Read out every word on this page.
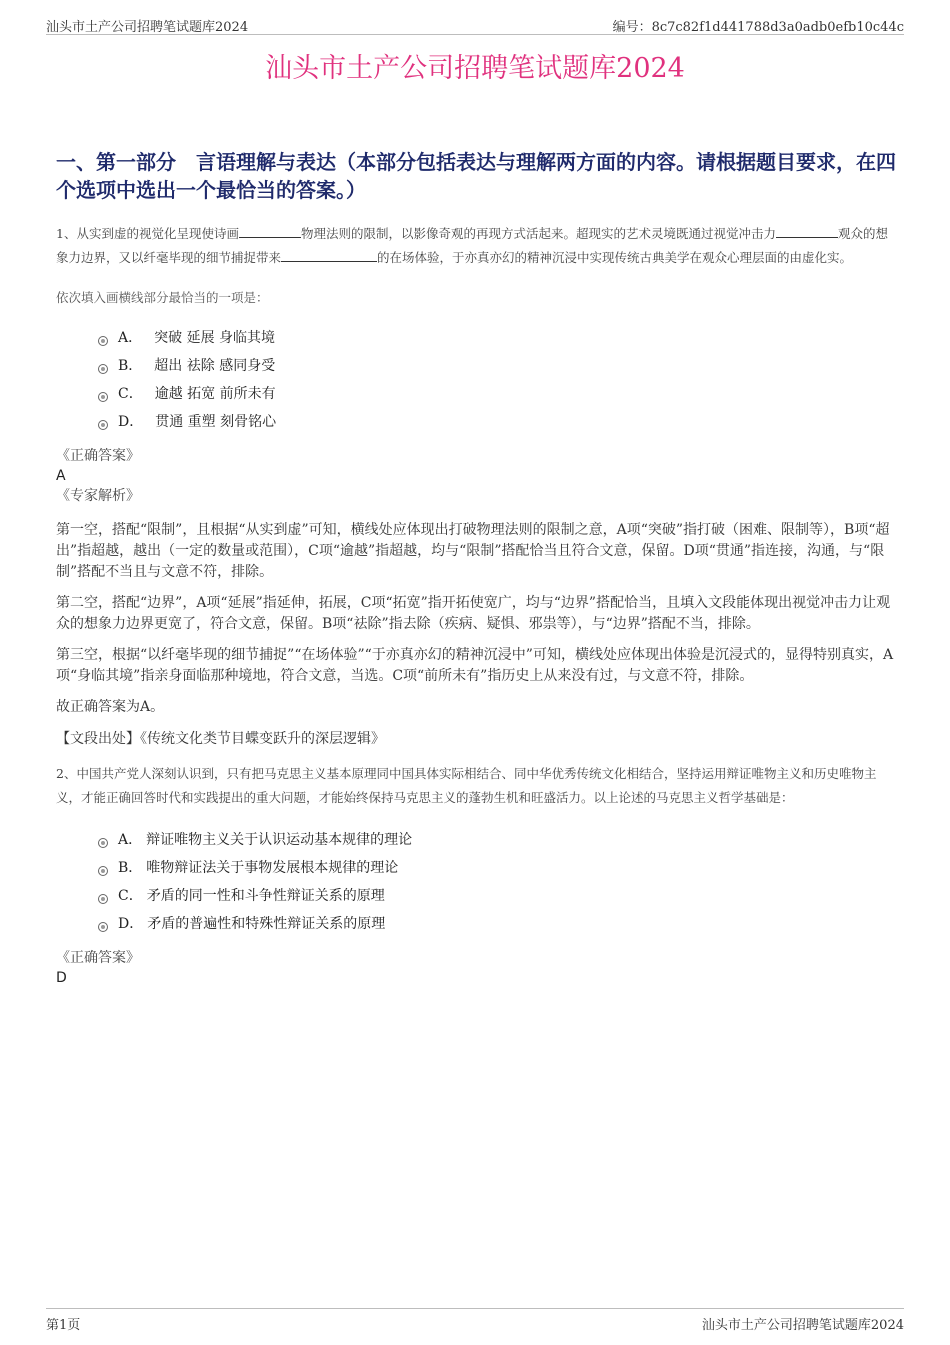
汕头市土产公司招聘笔试题库2024	编号：8c7c82f1d441788d3a0adb0efb10c44c
汕头市土产公司招聘笔试题库2024
一、第一部分　言语理解与表达（本部分包括表达与理解两方面的内容。请根据题目要求，在四个选项中选出一个最恰当的答案。）

1、从实到虚的视觉化呈现使诗画	物理法则的限制，以影像奇观的再现方式活起来。超现实的艺术灵境既通过视觉冲击力	观众的想象力边界，又以纤毫毕现的细节捕捉带来	的在场体验，于亦真亦幻的精神沉浸中实现传统古典美学在观众心理层面的由虚化实。

依次填入画横线部分最恰当的一项是：

A． 突破 延展 身临其境
B． 超出 祛除 感同身受
C． 逾越 拓宽 前所未有
D． 贯通 重塑 刻骨铭心
《正确答案》
A
《专家解析》

第一空，搭配“限制”，且根据“从实到虚”可知，横线处应体现出打破物理法则的限制之意，A项“突破”指打破（困难、限制等），B项“超出”指超越，越出（一定的数量或范围），C项“逾越”指超越，均与“限制”搭配恰当且符合文意，保留。D项“贯通”指连接，沟通，与“限制”搭配不当且与文意不符，排除。

第二空，搭配“边界”，A项“延展”指延伸，拓展，C项“拓宽”指开拓使宽广，均与“边界”搭配恰当，且填入文段能体现出视觉冲击力让观众的想象力边界更宽了，符合文意，保留。B项“祛除”指去除（疾病、疑惧、邪祟等），与“边界”搭配不当，排除。

第三空，根据“以纤毫毕现的细节捕捉”“在场体验”“于亦真亦幻的精神沉浸中”可知，横线处应体现出体验是沉浸式的，显得特别真实，A项“身临其境”指亲身面临那种境地，符合文意，当选。C项“前所未有”指历史上从来没有过，与文意不符，排除。

故正确答案为A。

【文段出处】《传统文化类节目蝶变跃升的深层逻辑》

2、中国共产党人深刻认识到，只有把马克思主义基本原理同中国具体实际相结合、同中华优秀传统文化相结合，坚持运用辩证唯物主义和历史唯物主义，才能正确回答时代和实践提出的重大问题，才能始终保持马克思主义的蓬勃生机和旺盛活力。以上论述的马克思主义哲学基础是：

A． 辩证唯物主义关于认识运动基本规律的理论
B． 唯物辩证法关于事物发展根本规律的理论
C． 矛盾的同一性和斗争性辩证关系的原理
D． 矛盾的普遍性和特殊性辩证关系的原理
《正确答案》
D
第1页	汕头市土产公司招聘笔试题库2024
